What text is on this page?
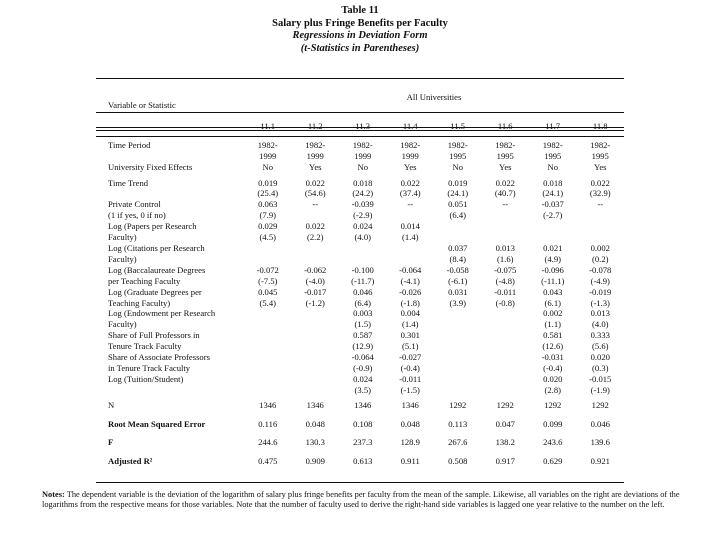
Table 11
Salary plus Fringe Benefits per Faculty
Regressions in Deviation Form
(t-Statistics in Parentheses)
Variable or Statistic	All Universities							
	11.1	11.2	11.3	11.4	11.5	11.6	11.7	11.8
Time Period	1982-	1982-	1982-	1982-	1982-	1982-	1982-	1982-
	1999	1999	1999	1999	1995	1995	1995	1995
University Fixed Effects	No	Yes	No	Yes	No	Yes	No	Yes
Time Trend	0.019	0.022	0.018	0.022	0.019	0.022	0.018	0.022
	(25.4)	(54.6)	(24.2)	(37.4)	(24.1)	(40.7)	(24.1)	(32.9)
Private Control	0.063	--	-0.039	--	0.051	--	-0.037	--
(1 if yes, 0 if no)	(7.9)		(-2.9)		(6.4)		(-2.7)	
Log (Papers per Research	0.029	0.022	0.024	0.014				
Faculty)	(4.5)	(2.2)	(4.0)	(1.4)				
Log (Citations per Research					0.037	0.013	0.021	0.002
Faculty)					(8.4)	(1.6)	(4.9)	(0.2)
Log (Baccalaureate Degrees	-0.072	-0.062	-0.100	-0.064	-0.058	-0.075	-0.096	-0.078
per Teaching Faculty	(-7.5)	(-4.0)	(-11.7)	(-4.1)	(-6.1)	(-4.8)	(-11.1)	(-4.9)
Log (Graduate Degrees per	0.045	-0.017	0.046	-0.026	0.031	-0.011	0.043	-0.019
Teaching Faculty)	(5.4)	(-1.2)	(6.4)	(-1.8)	(3.9)	(-0.8)	(6.1)	(-1.3)
Log (Endowment per Research			0.003	0.004			0.002	0.013
Faculty)			(1.5)	(1.4)			(1.1)	(4.0)
Share of Full Professors in			0.587	0.301			0.581	0.333
Tenure Track Faculty			(12.9)	(5.1)			(12.6)	(5.6)
Share of Associate Professors			-0.064	-0.027			-0.031	0.020
in Tenure Track Faculty			(-0.9)	(-0.4)			(-0.4)	(0.3)
Log (Tuition/Student)			0.024	-0.011			0.020	-0.015
			(3.5)	(-1.5)			(2.8)	(-1.9)
N	1346	1346	1346	1346	1292	1292	1292	1292
Root Mean Squared Error	0.116	0.048	0.108	0.048	0.113	0.047	0.099	0.046
F	244.6	130.3	237.3	128.9	267.6	138.2	243.6	139.6
Adjusted R²	0.475	0.909	0.613	0.911	0.508	0.917	0.629	0.921
Notes: The dependent variable is the deviation of the logarithm of salary plus fringe benefits per faculty from the mean of the sample. Likewise, all variables on the right are deviations of the logarithms from the respective means for those variables. Note that the number of faculty used to derive the right-hand side variables is lagged one year relative to the number on the left.
